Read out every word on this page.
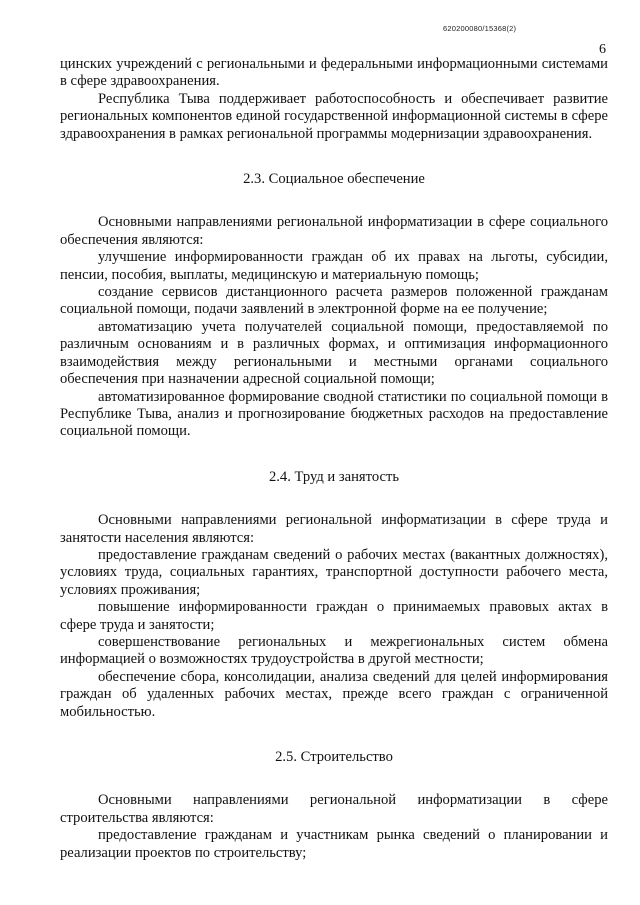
620200080/15368(2)
6

цинских учреждений с региональными и федеральными информационными системами в сфере здравоохранения.

Республика Тыва поддерживает работоспособность и обеспечивает развитие региональных компонентов единой государственной информационной системы в сфере здравоохранения в рамках региональной программы модернизации здравоохранения.

2.3. Социальное обеспечение

Основными направлениями региональной информатизации в сфере социального обеспечения являются:

улучшение информированности граждан об их правах на льготы, субсидии, пенсии, пособия, выплаты, медицинскую и материальную помощь;

создание сервисов дистанционного расчета размеров положенной гражданам социальной помощи, подачи заявлений в электронной форме на ее получение;

автоматизацию учета получателей социальной помощи, предоставляемой по различным основаниям и в различных формах, и оптимизация информационного взаимодействия между региональными и местными органами социального обеспечения при назначении адресной социальной помощи;

автоматизированное формирование сводной статистики по социальной помощи в Республике Тыва, анализ и прогнозирование бюджетных расходов на предоставление социальной помощи.

2.4. Труд и занятость

Основными направлениями региональной информатизации в сфере труда и занятости населения являются:

предоставление гражданам сведений о рабочих местах (вакантных должностях), условиях труда, социальных гарантиях, транспортной доступности рабочего места, условиях проживания;

повышение информированности граждан о принимаемых правовых актах в сфере труда и занятости;

совершенствование региональных и межрегиональных систем обмена информацией о возможностях трудоустройства в другой местности;

обеспечение сбора, консолидации, анализа сведений для целей информирования граждан об удаленных рабочих местах, прежде всего граждан с ограниченной мобильностью.

2.5. Строительство

Основными направлениями региональной информатизации в сфере строительства являются:

предоставление гражданам и участникам рынка сведений о планировании и реализации проектов по строительству;
